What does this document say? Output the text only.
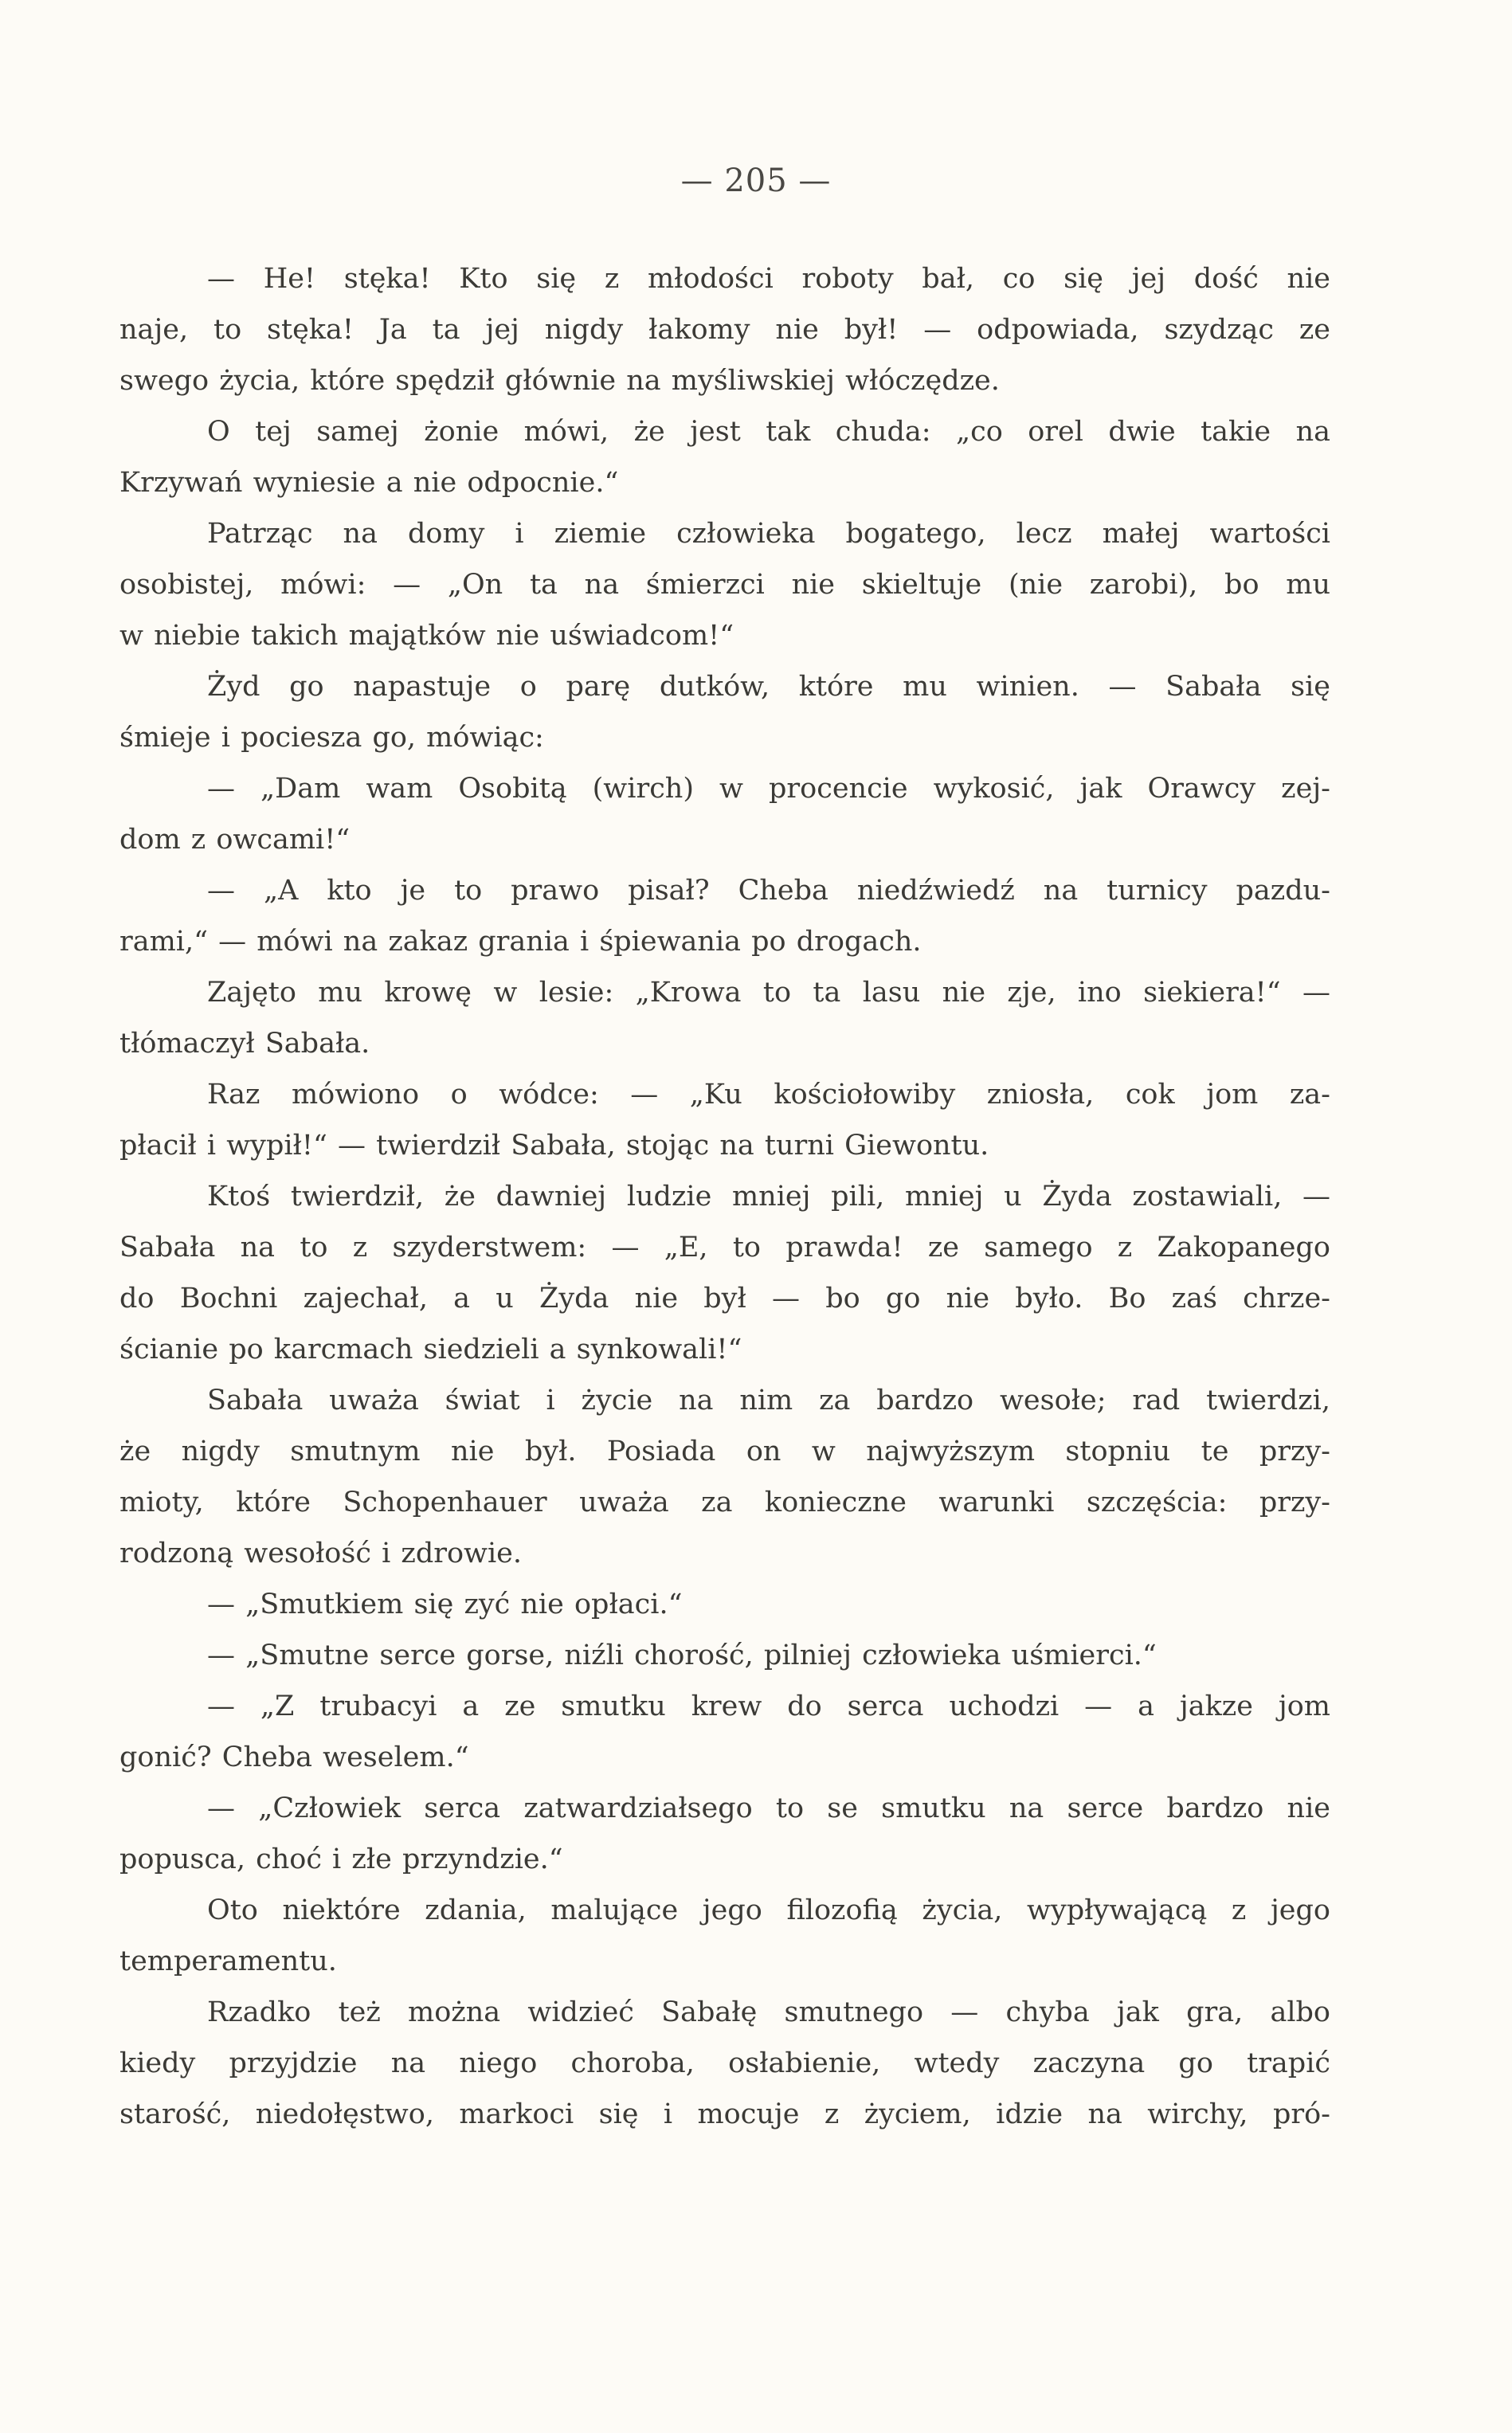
— 205 —
— He! stęka! Kto się z młodości roboty bał, co się jej dość nie
naje, to stęka! Ja ta jej nigdy łakomy nie był! — odpowiada, szydząc ze
swego życia, które spędził głównie na myśliwskiej włóczędze.
O tej samej żonie mówi, że jest tak chuda: „co orel dwie takie na
Krzywań wyniesie a nie odpocnie.“
Patrząc na domy i ziemie człowieka bogatego, lecz małej wartości
osobistej, mówi: — „On ta na śmierzci nie skieltuje (nie zarobi), bo mu
w niebie takich majątków nie uświadcom!“
Żyd go napastuje o parę dutków, które mu winien. — Sabała się
śmieje i pociesza go, mówiąc:
— „Dam wam Osobitą (wirch) w procencie wykosić, jak Orawcy zej-
dom z owcami!“
— „A kto je to prawo pisał? Cheba niedźwiedź na turnicy pazdu-
rami,“ — mówi na zakaz grania i śpiewania po drogach.
Zajęto mu krowę w lesie: „Krowa to ta lasu nie zje, ino siekiera!“ —
tłómaczył Sabała.
Raz mówiono o wódce: — „Ku kościołowiby zniosła, cok jom za-
płacił i wypił!“ — twierdził Sabała, stojąc na turni Giewontu.
Ktoś twierdził, że dawniej ludzie mniej pili, mniej u Żyda zostawiali, —
Sabała na to z szyderstwem: — „E, to prawda! ze samego z Zakopanego
do Bochni zajechał, a u Żyda nie był — bo go nie było. Bo zaś chrze-
ścianie po karcmach siedzieli a synkowali!“
Sabała uważa świat i życie na nim za bardzo wesołe; rad twierdzi,
że nigdy smutnym nie był. Posiada on w najwyższym stopniu te przy-
mioty, które Schopenhauer uważa za konieczne warunki szczęścia: przy-
rodzoną wesołość i zdrowie.
— „Smutkiem się zyć nie opłaci.“
— „Smutne serce gorse, niźli chorość, pilniej człowieka uśmierci.“
— „Z trubacyi a ze smutku krew do serca uchodzi — a jakze jom
gonić? Cheba weselem.“
— „Człowiek serca zatwardziałsego to se smutku na serce bardzo nie
popusca, choć i złe przyndzie.“
Oto niektóre zdania, malujące jego filozofią życia, wypływającą z jego
temperamentu.
Rzadko też można widzieć Sabałę smutnego — chyba jak gra, albo
kiedy przyjdzie na niego choroba, osłabienie, wtedy zaczyna go trapić
starość, niedołęstwo, markoci się i mocuje z życiem, idzie na wirchy, pró-
